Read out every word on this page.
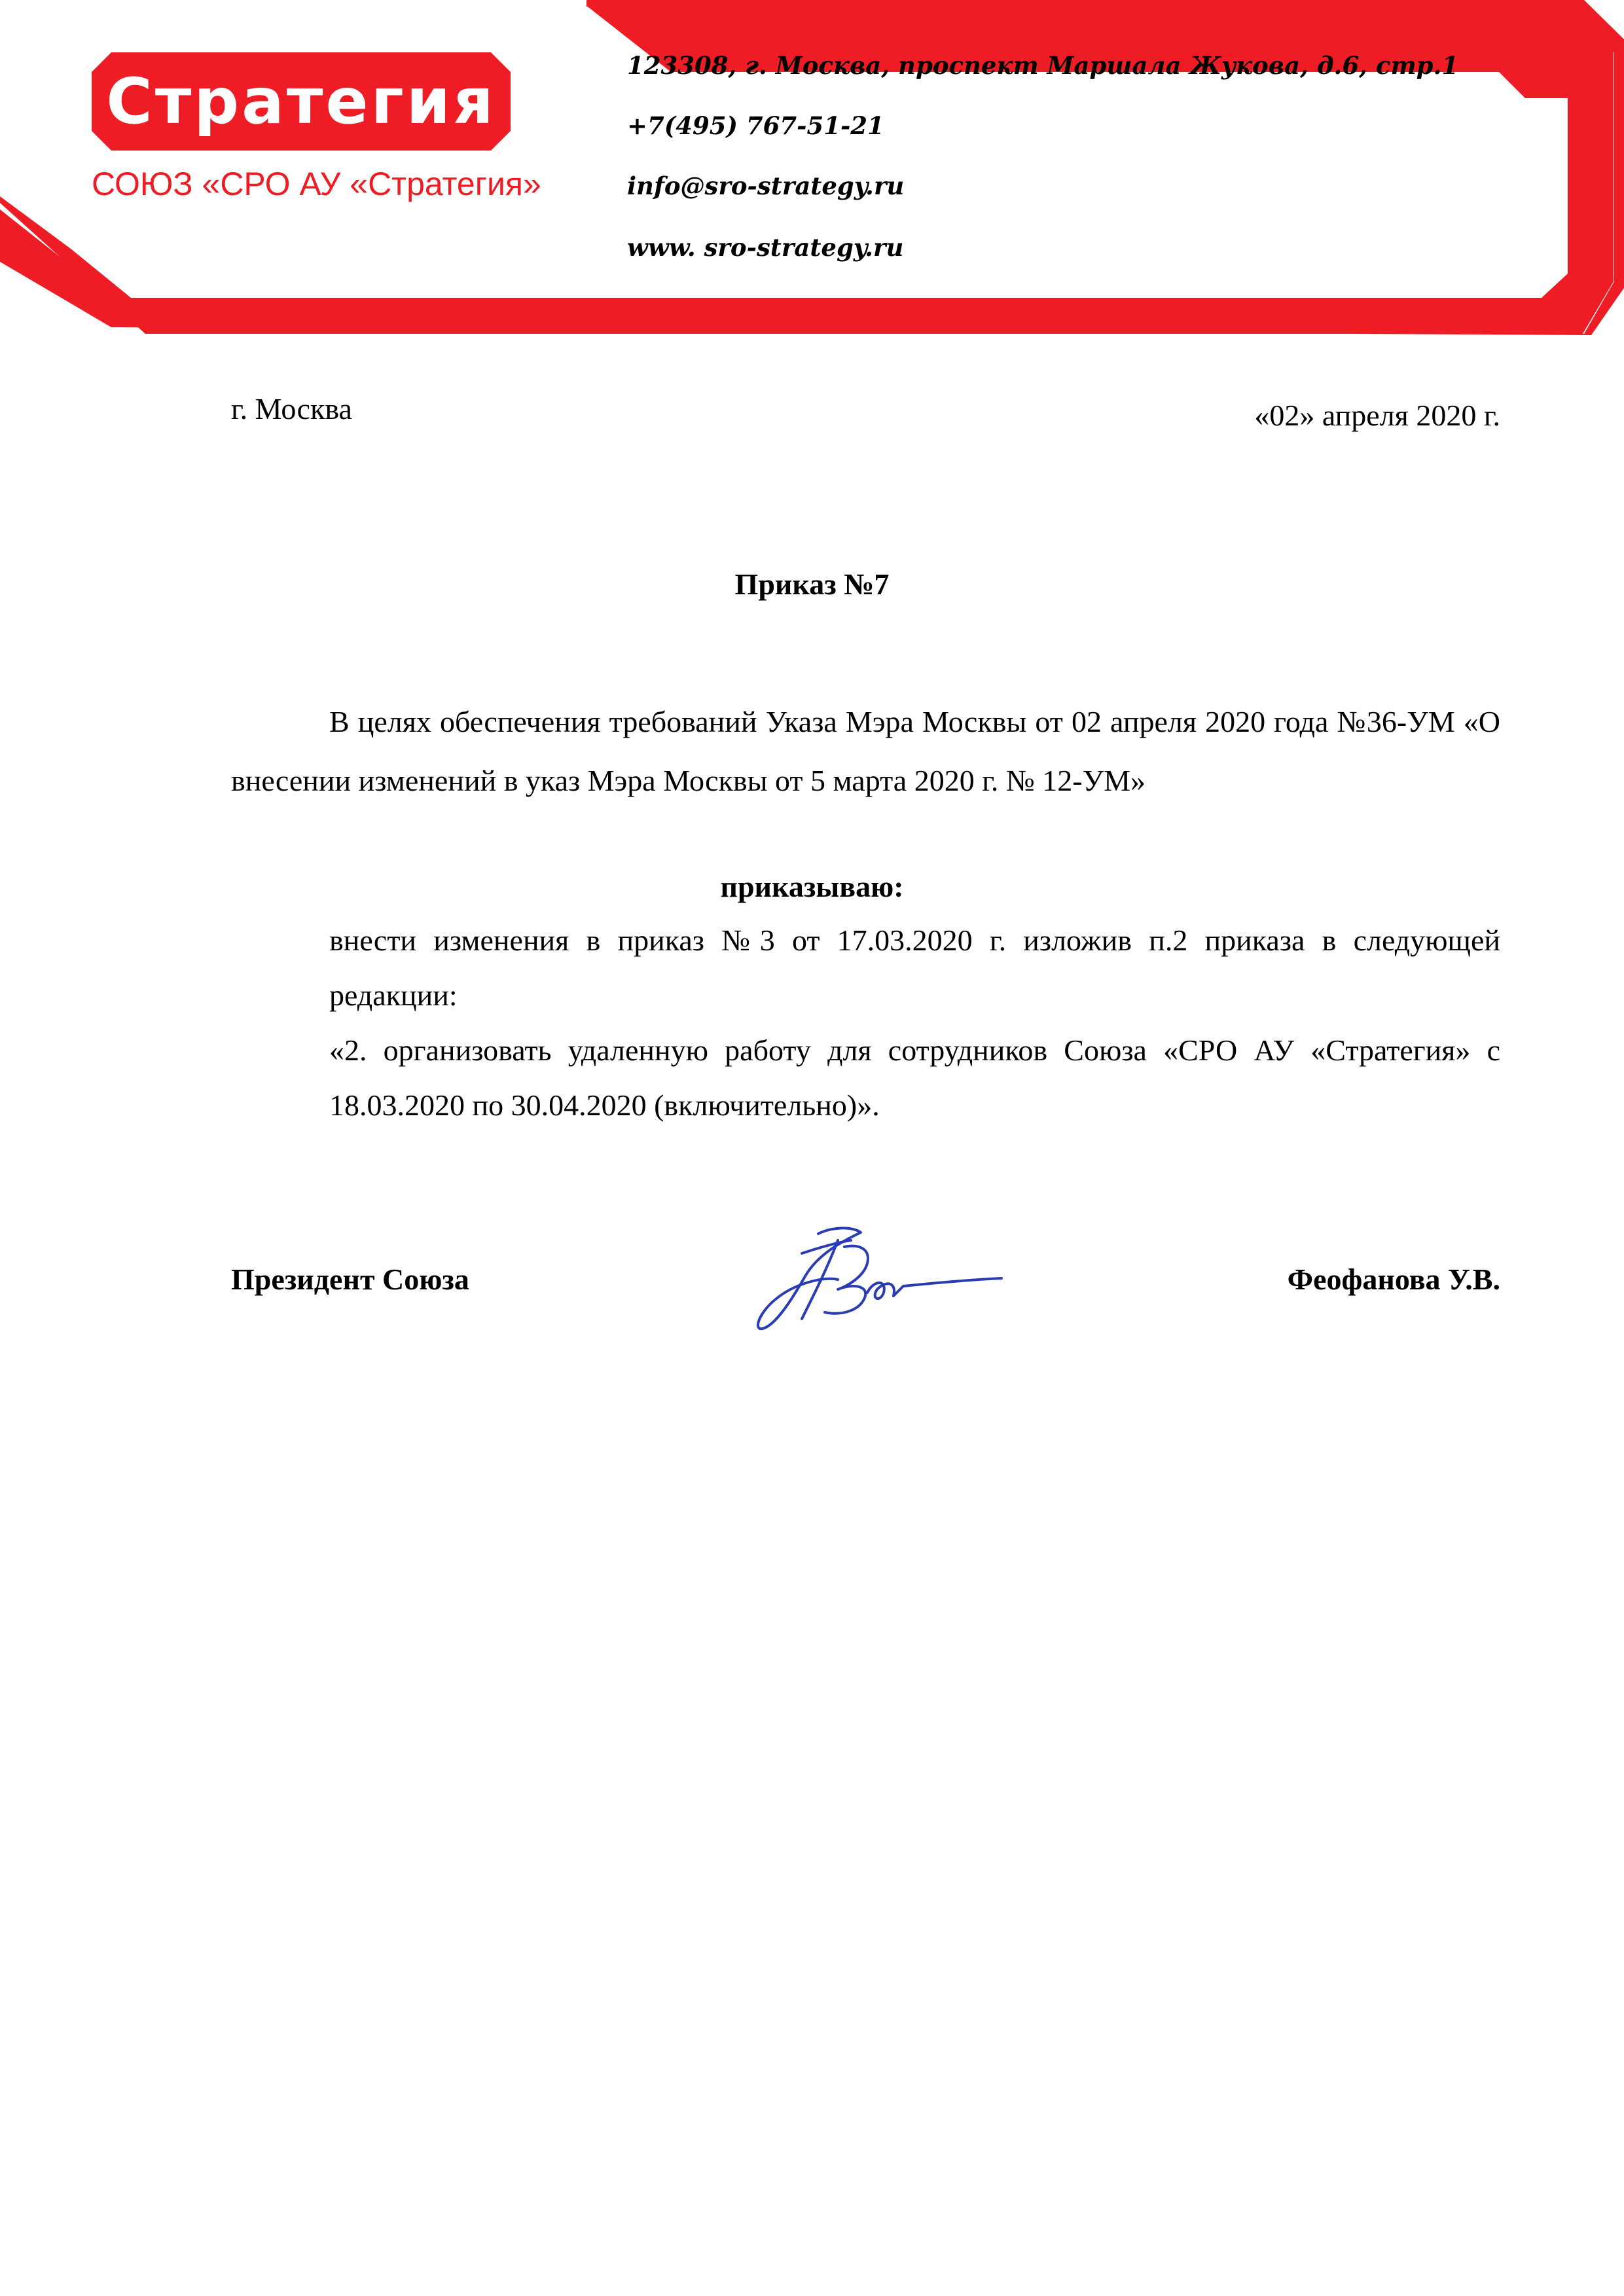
Стратегия
СОЮЗ «СРО АУ «Стратегия»
123308, г. Москва, проспект Маршала Жукова, д.6, стр.1
+7(495) 767-51-21
info@sro-strategy.ru
www. sro-strategy.ru
г. Москва	«02» апреля 2020 г.
Приказ №7
В целях обеспечения требований Указа Мэра Москвы от 02 апреля 2020 года №36-УМ «О внесении изменений в указ Мэра Москвы от 5 марта 2020 г. № 12-УМ»
приказываю:

внести изменения в приказ №3 от 17.03.2020 г. изложив п.2 приказа в следующей редакции:

«2. организовать удаленную работу для сотрудников Союза «СРО АУ «Стратегия» с 18.03.2020 по 30.04.2020 (включительно)».

Президент Союза	Феофанова У.В.
